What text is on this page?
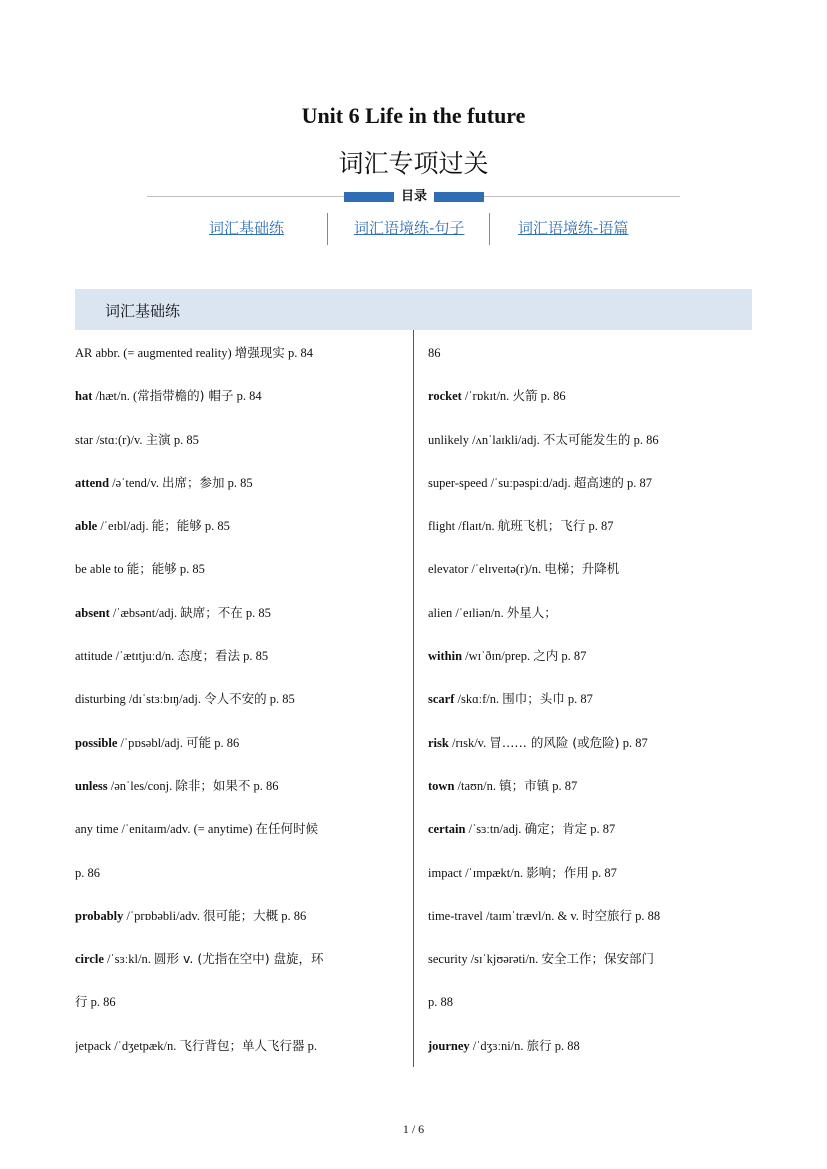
Unit 6 Life in the future
词汇专项过关
目录
词汇基础练	词汇语境练-句子	词汇语境练-语篇
词汇基础练
AR abbr. (= augmented reality) 增强现实 p. 84
hat /hæt/n. (常指带檐的) 帽子 p. 84
star /stɑː(r)/v. 主演 p. 85
attend /əˈtend/v. 出席；参加 p. 85
able /ˈeɪbl/adj. 能；能够 p. 85
be able to 能；能够 p. 85
absent /ˈæbsənt/adj. 缺席；不在 p. 85
attitude /ˈætɪtjuːd/n. 态度；看法 p. 85
disturbing /dɪˈstɜːbɪŋ/adj. 令人不安的 p. 85
possible /ˈpɒsəbl/adj. 可能 p. 86
unless /ənˈles/conj. 除非；如果不 p. 86
any time /ˈenitaɪm/adv. (= anytime) 在任何时候
p. 86
probably /ˈprɒbəbli/adv. 很可能；大概 p. 86
circle /ˈsɜːkl/n. 圆形 v. (尤指在空中) 盘旋，环
行 p. 86
jetpack /ˈdʒetpæk/n. 飞行背包；单人飞行器 p.
86
rocket /ˈrɒkɪt/n. 火箭 p. 86
unlikely /ʌnˈlaɪkli/adj. 不太可能发生的 p. 86
super-speed /ˈsuːpəspiːd/adj. 超高速的 p. 87
flight /flaɪt/n. 航班飞机；飞行 p. 87
elevator /ˈelɪveɪtə(r)/n. 电梯；升降机
alien /ˈeɪliən/n. 外星人；
within /wɪˈðɪn/prep. 之内 p. 87
scarf /skɑːf/n. 围巾；头巾 p. 87
risk /rɪsk/v. 冒…… 的风险 (或危险) p. 87
town /taʊn/n. 镇；市镇 p. 87
certain /ˈsɜːtn/adj. 确定；肯定 p. 87
impact /ˈɪmpækt/n. 影响；作用 p. 87
time-travel /taɪmˈtrævl/n. & v. 时空旅行 p. 88
security /sɪˈkjʊərəti/n. 安全工作；保安部门
p. 88
journey /ˈdʒɜːni/n. 旅行 p. 88
1 / 6
